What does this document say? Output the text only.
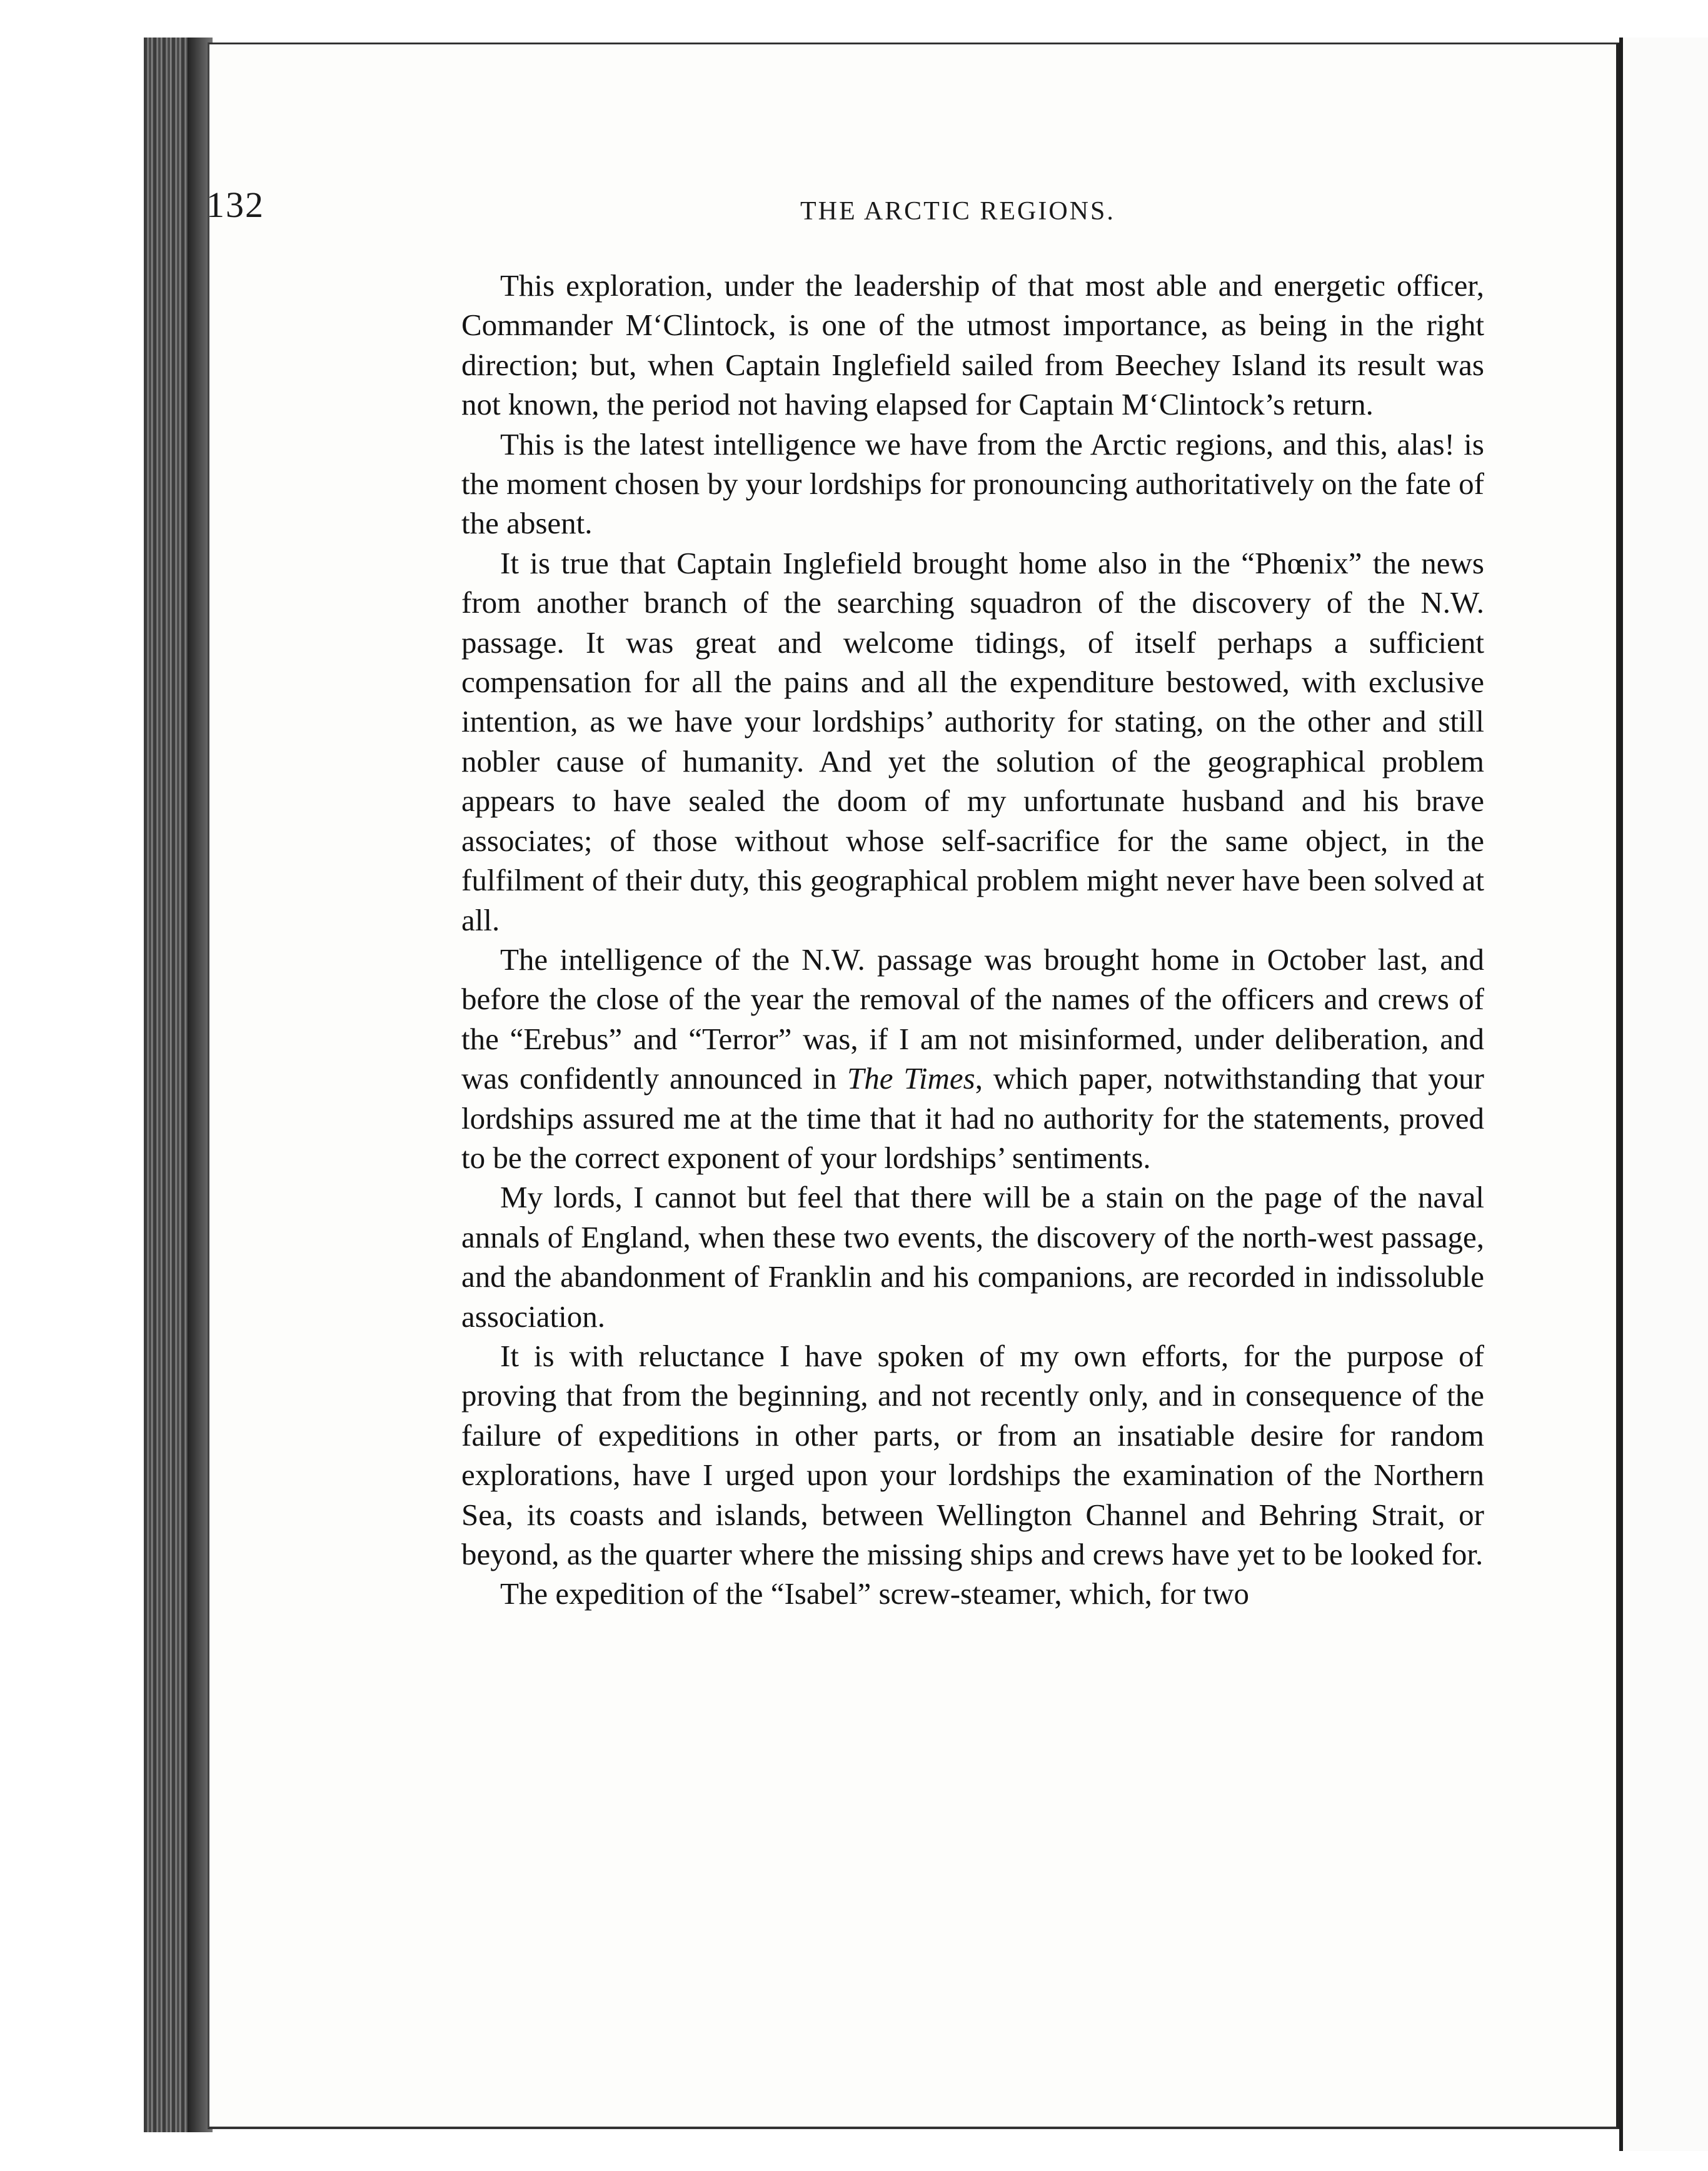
132	THE ARCTIC REGIONS.

This exploration, under the leadership of that most able and energetic officer, Commander M‘Clintock, is one of the utmost importance, as being in the right direction; but, when Captain Inglefield sailed from Beechey Island its result was not known, the period not having elapsed for Captain M‘Clintock’s return.

This is the latest intelligence we have from the Arctic regions, and this, alas! is the moment chosen by your lordships for pronouncing authoritatively on the fate of the absent.

It is true that Captain Inglefield brought home also in the “Phœnix” the news from another branch of the searching squadron of the discovery of the N.W. passage. It was great and welcome tidings, of itself perhaps a sufficient compensation for all the pains and all the expenditure bestowed, with exclusive intention, as we have your lordships’ authority for stating, on the other and still nobler cause of humanity. And yet the solution of the geographical problem appears to have sealed the doom of my unfortunate husband and his brave associates; of those without whose self-sacrifice for the same object, in the fulfilment of their duty, this geographical problem might never have been solved at all.

The intelligence of the N.W. passage was brought home in October last, and before the close of the year the removal of the names of the officers and crews of the “Erebus” and “Terror” was, if I am not misinformed, under deliberation, and was confidently announced in The Times, which paper, notwithstanding that your lordships assured me at the time that it had no authority for the statements, proved to be the correct exponent of your lordships’ sentiments.

My lords, I cannot but feel that there will be a stain on the page of the naval annals of England, when these two events, the discovery of the north-west passage, and the abandonment of Franklin and his companions, are recorded in indissoluble association.

It is with reluctance I have spoken of my own efforts, for the purpose of proving that from the beginning, and not recently only, and in consequence of the failure of expeditions in other parts, or from an insatiable desire for random explorations, have I urged upon your lordships the examination of the Northern Sea, its coasts and islands, between Wellington Channel and Behring Strait, or beyond, as the quarter where the missing ships and crews have yet to be looked for.

The expedition of the “Isabel” screw-steamer, which, for two
